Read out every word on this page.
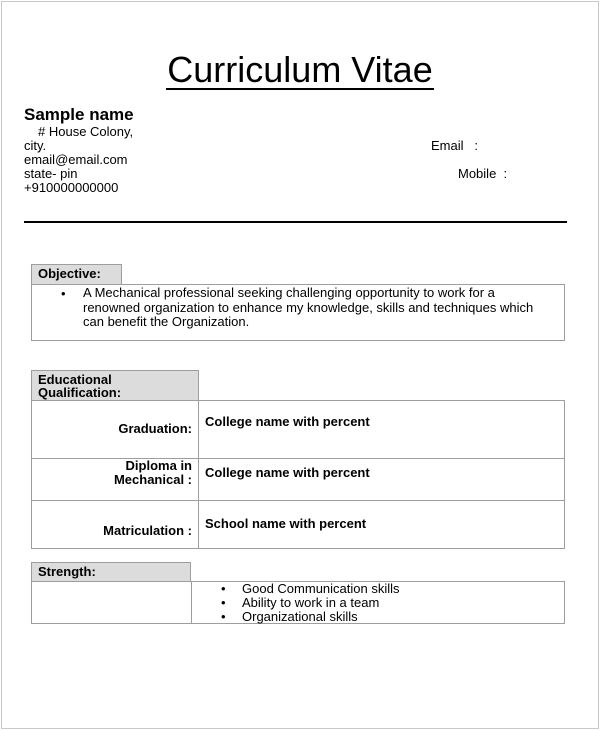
Curriculum Vitae
Sample name
# House Colony,
city.
email@email.com
state- pin
+910000000000
Email   :
Mobile  :
Objective:
• A Mechanical professional seeking challenging opportunity to work for a
renowned organization to enhance my knowledge, skills and techniques which
can benefit the Organization.
Educational
Qualification:
Graduation: College name with percent
Diploma in
Mechanical : College name with percent
Matriculation : School name with percent
Strength:
• Good Communication skills
• Ability to work in a team
• Organizational skills
